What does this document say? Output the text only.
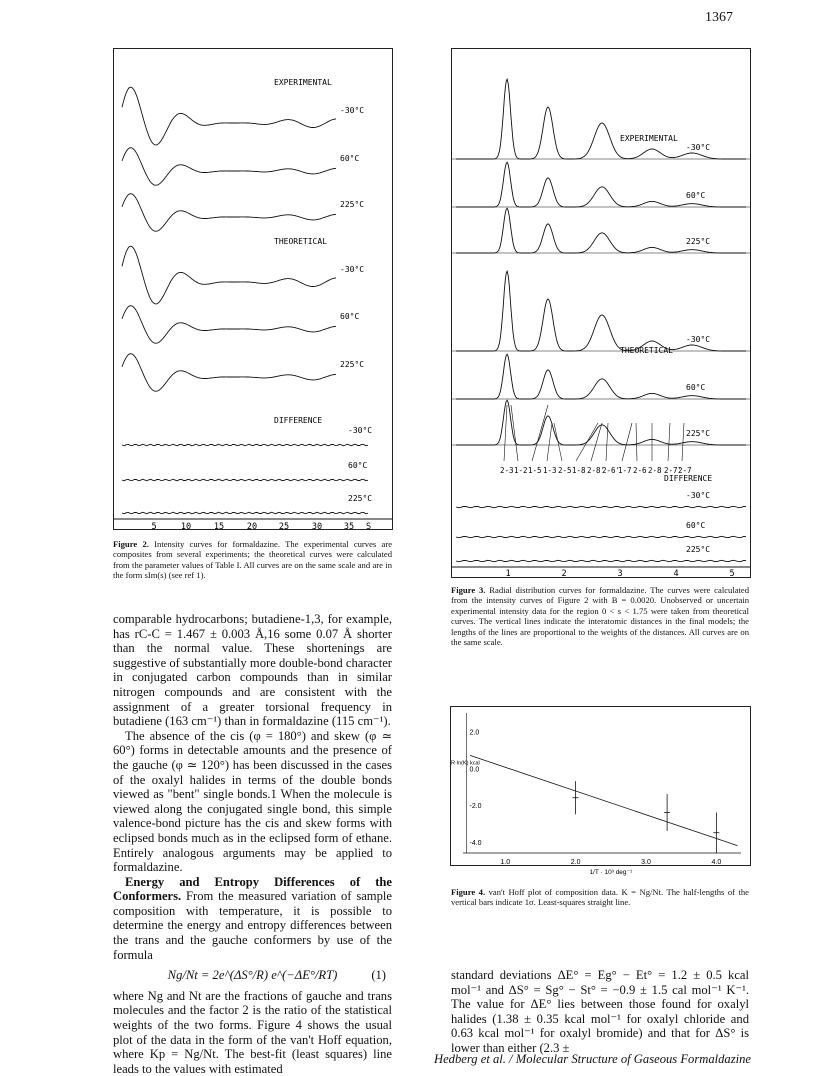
1367
EXPERIMENTAL
-30°C
60°C
225°C
THEORETICAL
-30°C
60°C
225°C
DIFFERENCE
-30°C
60°C
225°C
5	10	15	20	25	30	35 S
Figure 2. Intensity curves for formaldazine. The experimental curves are composites from several experiments; the theoretical curves were calculated from the parameter values of Table I. All curves are on the same scale and are in the form sIm(s) (see ref 1).
EXPERIMENTAL
-30°C
60°C
225°C
THEORETICAL
-30°C
60°C
225°C
DIFFERENCE
-30°C
60°C
225°C
2-3 1-2 1-5 1-3 2-5 1-8 2-8'
2-6'
1-7 2-6 2-8 2-7'
2-7
1	2	3	4	5
Figure 3. Radial distribution curves for formaldazine. The curves were calculated from the intensity curves of Figure 2 with B = 0.0020. Unobserved or uncertain experimental intensity data for the region 0 < s < 1.75 were taken from theoretical curves. The vertical lines indicate the interatomic distances in the final models; the lengths of the lines are proportional to the weights of the distances. All curves are on the same scale.
2.0
0.0
-2.0
-4.0
1.0	2.0	3.0	4.0
1/T · 10³ deg⁻¹
R·ln(K) kcal
Figure 4. van't Hoff plot of composition data. K = Ng/Nt. The half-lengths of the vertical bars indicate 1σ. Least-squares straight line.

comparable hydrocarbons; butadiene-1,3, for example, has rC-C = 1.467 ± 0.003 Å,16 some 0.07 Å shorter than the normal value. These shortenings are suggestive of substantially more double-bond character in conjugated carbon compounds than in similar nitrogen compounds and are consistent with the assignment of a greater torsional frequency in butadiene (163 cm⁻¹) than in formaldazine (115 cm⁻¹).

The absence of the cis (φ = 180°) and skew (φ ≃ 60°) forms in detectable amounts and the presence of the gauche (φ ≃ 120°) has been discussed in the cases of the oxalyl halides in terms of the double bonds viewed as "bent" single bonds.1 When the molecule is viewed along the conjugated single bond, this simple valence-bond picture has the cis and skew forms with eclipsed bonds much as in the eclipsed form of ethane. Entirely analogous arguments may be applied to formaldazine.

Energy and Entropy Differences of the Conformers. From the measured variation of sample composition with temperature, it is possible to determine the energy and entropy differences between the trans and the gauche conformers by use of the formula

Ng/Nt = 2e^(ΔS°/R) e^(−ΔE°/RT)	(1)

where Ng and Nt are the fractions of gauche and trans molecules and the factor 2 is the ratio of the statistical weights of the two forms. Figure 4 shows the usual plot of the data in the form of the van't Hoff equation, where Kp = Ng/Nt. The best-fit (least squares) line leads to the values with estimated

standard deviations ΔE° = Eg° − Et° = 1.2 ± 0.5 kcal mol⁻¹ and ΔS° = Sg° − St° = −0.9 ± 1.5 cal mol⁻¹ K⁻¹. The value for ΔE° lies between those found for oxalyl halides (1.38 ± 0.35 kcal mol⁻¹ for oxalyl chloride and 0.63 kcal mol⁻¹ for oxalyl bromide) and that for ΔS° is lower than either (2.3 ±

Hedberg et al. / Molecular Structure of Gaseous Formaldazine
